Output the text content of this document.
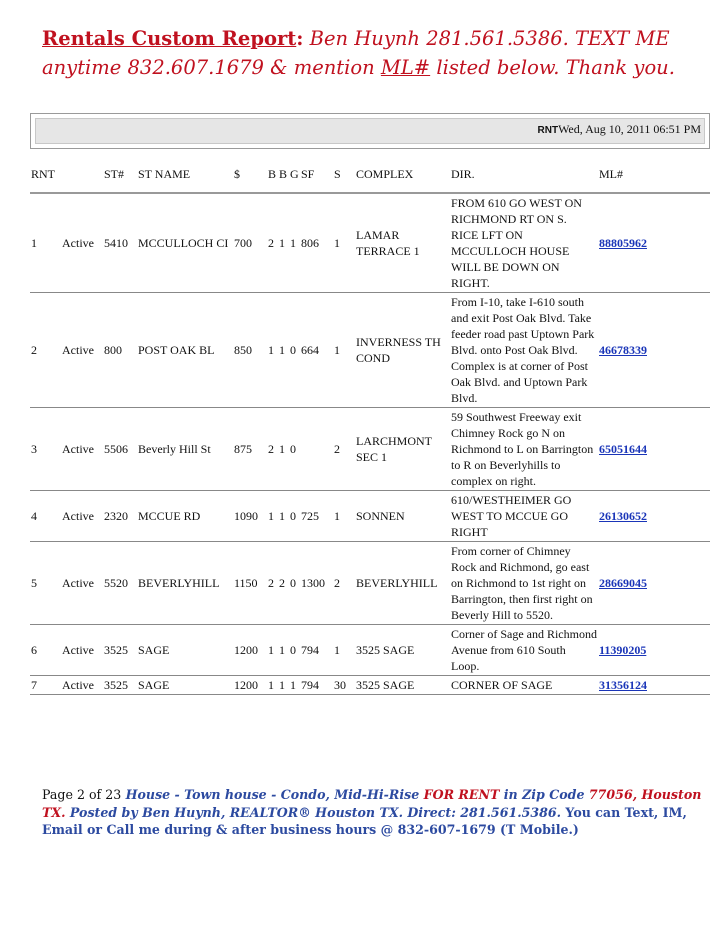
Rentals Custom Report: Ben Huynh 281.561.5386. TEXT ME anytime 832.607.1679 & mention ML# listed below. Thank you.
RNTWed, Aug 10, 2011 06:51 PM
RNT		ST#	ST NAME	$	B	B	G	SF	S	COMPLEX	DIR.	ML#
1	Active	5410	MCCULLOCH CI	700	2	1	1	806	1	LAMAR TERRACE 1	FROM 610 GO WEST ON RICHMOND RT ON S. RICE LFT ON MCCULLOCH HOUSE WILL BE DOWN ON RIGHT.	88805962
2	Active	800	POST OAK BL	850	1	1	0	664	1	INVERNESS TH COND	From I-10, take I-610 south and exit Post Oak Blvd. Take feeder road past Uptown Park Blvd. onto Post Oak Blvd. Complex is at corner of Post Oak Blvd. and Uptown Park Blvd.	46678339
3	Active	5506	Beverly Hill St	875	2	1	0		2	LARCHMONT SEC 1	59 Southwest Freeway exit Chimney Rock go N on Richmond to L on Barrington to R on Beverlyhills to complex on right.	65051644
4	Active	2320	MCCUE RD	1090	1	1	0	725	1	SONNEN	610/WESTHEIMER GO WEST TO MCCUE GO RIGHT	26130652
5	Active	5520	BEVERLYHILL	1150	2	2	0	1300	2	BEVERLYHILL	From corner of Chimney Rock and Richmond, go east on Richmond to 1st right on Barrington, then first right on Beverly Hill to 5520.	28669045
6	Active	3525	SAGE	1200	1	1	0	794	1	3525 SAGE	Corner of Sage and Richmond Avenue from 610 South Loop.	11390205
7	Active	3525	SAGE	1200	1	1	1	794	30	3525 SAGE	CORNER OF SAGE	31356124
Page 2 of 23 House - Town house - Condo, Mid-Hi-Rise FOR RENT in Zip Code 77056, Houston TX. Posted by Ben Huynh, REALTOR® Houston TX. Direct: 281.561.5386. You can Text, IM, Email or Call me during & after business hours @ 832-607-1679 (T Mobile.)
